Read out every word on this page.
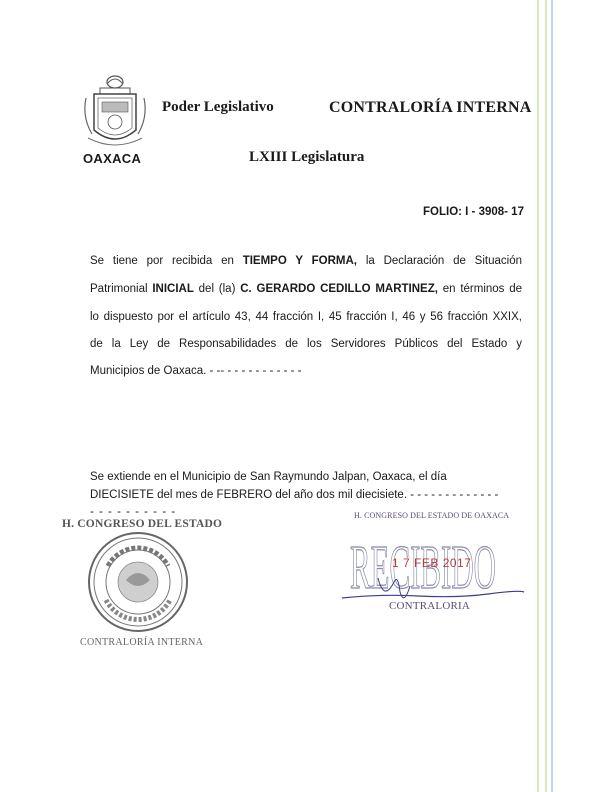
OAXACA
Poder Legislativo	CONTRALORÍA INTERNA
LXIII Legislatura
FOLIO: I - 3908- 17
Se tiene por recibida en TIEMPO Y FORMA, la Declaración de Situación
Patrimonial INICIAL del (la) C. GERARDO CEDILLO MARTINEZ, en términos de
lo dispuesto por el artículo 43, 44 fracción I, 45 fracción I, 46 y 56 fracción XXIX,
de la Ley de Responsabilidades de los Servidores Públicos del Estado y
Municipios de Oaxaca. - -- - - - - - - - - - - -
Se extiende en el Municipio de San Raymundo Jalpan, Oaxaca, el día
DIECISIETE del mes de FEBRERO del año dos mil diecisiete. - - - - - - - - - - - - -
- - - - - - - - - -
H. CONGRESO DEL ESTADO
CONTRALORÍA INTERNA
H. CONGRESO DEL ESTADO DE OAXACA
RECIBIDO
1 7 FEB 2017
CONTRALORIA
